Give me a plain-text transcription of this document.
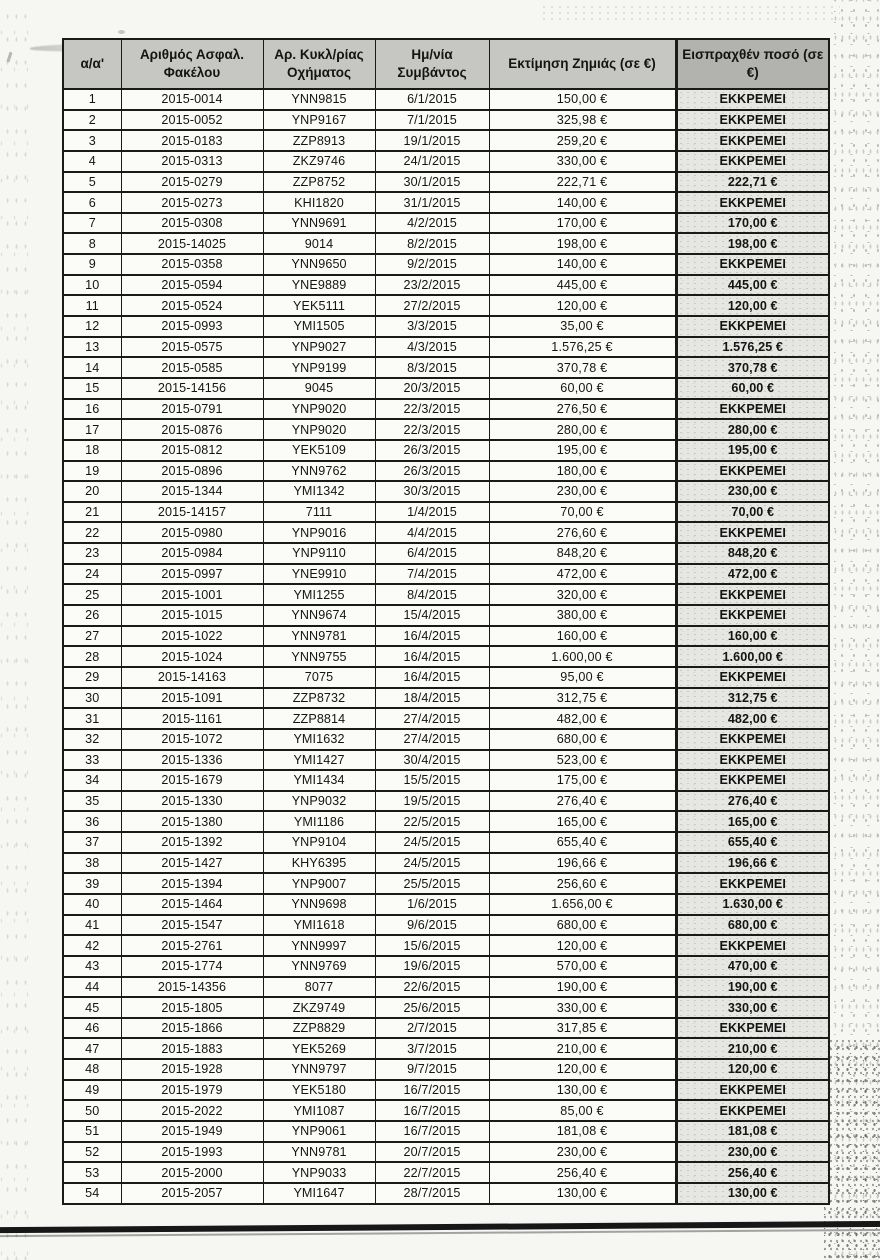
α/α'	Αριθμός Ασφαλ. Φακέλου	Αρ. Κυκλ/ρίας Οχήματος	Ημ/νία Συμβάντος	Εκτίμηση Ζημιάς (σε €)	Εισπραχθέν ποσό (σε €)
1	2015-0014	YNN9815	6/1/2015	150,00 €	ΕΚΚΡΕΜΕΙ
2	2015-0052	YNP9167	7/1/2015	325,98 €	ΕΚΚΡΕΜΕΙ
3	2015-0183	ZZP8913	19/1/2015	259,20 €	ΕΚΚΡΕΜΕΙ
4	2015-0313	ZKZ9746	24/1/2015	330,00 €	ΕΚΚΡΕΜΕΙ
5	2015-0279	ZZP8752	30/1/2015	222,71 €	222,71 €
6	2015-0273	KHI1820	31/1/2015	140,00 €	ΕΚΚΡΕΜΕΙ
7	2015-0308	YNN9691	4/2/2015	170,00 €	170,00 €
8	2015-14025	9014	8/2/2015	198,00 €	198,00 €
9	2015-0358	YNN9650	9/2/2015	140,00 €	ΕΚΚΡΕΜΕΙ
10	2015-0594	YNE9889	23/2/2015	445,00 €	445,00 €
11	2015-0524	YEK5111	27/2/2015	120,00 €	120,00 €
12	2015-0993	YMI1505	3/3/2015	35,00 €	ΕΚΚΡΕΜΕΙ
13	2015-0575	YNP9027	4/3/2015	1.576,25 €	1.576,25 €
14	2015-0585	YNP9199	8/3/2015	370,78 €	370,78 €
15	2015-14156	9045	20/3/2015	60,00 €	60,00 €
16	2015-0791	YNP9020	22/3/2015	276,50 €	ΕΚΚΡΕΜΕΙ
17	2015-0876	YNP9020	22/3/2015	280,00 €	280,00 €
18	2015-0812	YEK5109	26/3/2015	195,00 €	195,00 €
19	2015-0896	YNN9762	26/3/2015	180,00 €	ΕΚΚΡΕΜΕΙ
20	2015-1344	YMI1342	30/3/2015	230,00 €	230,00 €
21	2015-14157	7111	1/4/2015	70,00 €	70,00 €
22	2015-0980	YNP9016	4/4/2015	276,60 €	ΕΚΚΡΕΜΕΙ
23	2015-0984	YNP9110	6/4/2015	848,20 €	848,20 €
24	2015-0997	YNE9910	7/4/2015	472,00 €	472,00 €
25	2015-1001	YMI1255	8/4/2015	320,00 €	ΕΚΚΡΕΜΕΙ
26	2015-1015	YNN9674	15/4/2015	380,00 €	ΕΚΚΡΕΜΕΙ
27	2015-1022	YNN9781	16/4/2015	160,00 €	160,00 €
28	2015-1024	YNN9755	16/4/2015	1.600,00 €	1.600,00 €
29	2015-14163	7075	16/4/2015	95,00 €	ΕΚΚΡΕΜΕΙ
30	2015-1091	ZZP8732	18/4/2015	312,75 €	312,75 €
31	2015-1161	ZZP8814	27/4/2015	482,00 €	482,00 €
32	2015-1072	YMI1632	27/4/2015	680,00 €	ΕΚΚΡΕΜΕΙ
33	2015-1336	YMI1427	30/4/2015	523,00 €	ΕΚΚΡΕΜΕΙ
34	2015-1679	YMI1434	15/5/2015	175,00 €	ΕΚΚΡΕΜΕΙ
35	2015-1330	YNP9032	19/5/2015	276,40 €	276,40 €
36	2015-1380	YMI1186	22/5/2015	165,00 €	165,00 €
37	2015-1392	YNP9104	24/5/2015	655,40 €	655,40 €
38	2015-1427	KHY6395	24/5/2015	196,66 €	196,66 €
39	2015-1394	YNP9007	25/5/2015	256,60 €	ΕΚΚΡΕΜΕΙ
40	2015-1464	YNN9698	1/6/2015	1.656,00 €	1.630,00 €
41	2015-1547	YMI1618	9/6/2015	680,00 €	680,00 €
42	2015-2761	YNN9997	15/6/2015	120,00 €	ΕΚΚΡΕΜΕΙ
43	2015-1774	YNN9769	19/6/2015	570,00 €	470,00 €
44	2015-14356	8077	22/6/2015	190,00 €	190,00 €
45	2015-1805	ZKZ9749	25/6/2015	330,00 €	330,00 €
46	2015-1866	ZZP8829	2/7/2015	317,85 €	ΕΚΚΡΕΜΕΙ
47	2015-1883	YEK5269	3/7/2015	210,00 €	210,00 €
48	2015-1928	YNN9797	9/7/2015	120,00 €	120,00 €
49	2015-1979	YEK5180	16/7/2015	130,00 €	ΕΚΚΡΕΜΕΙ
50	2015-2022	YMI1087	16/7/2015	85,00 €	ΕΚΚΡΕΜΕΙ
51	2015-1949	YNP9061	16/7/2015	181,08 €	181,08 €
52	2015-1993	YNN9781	20/7/2015	230,00 €	230,00 €
53	2015-2000	YNP9033	22/7/2015	256,40 €	256,40 €
54	2015-2057	YMI1647	28/7/2015	130,00 €	130,00 €
